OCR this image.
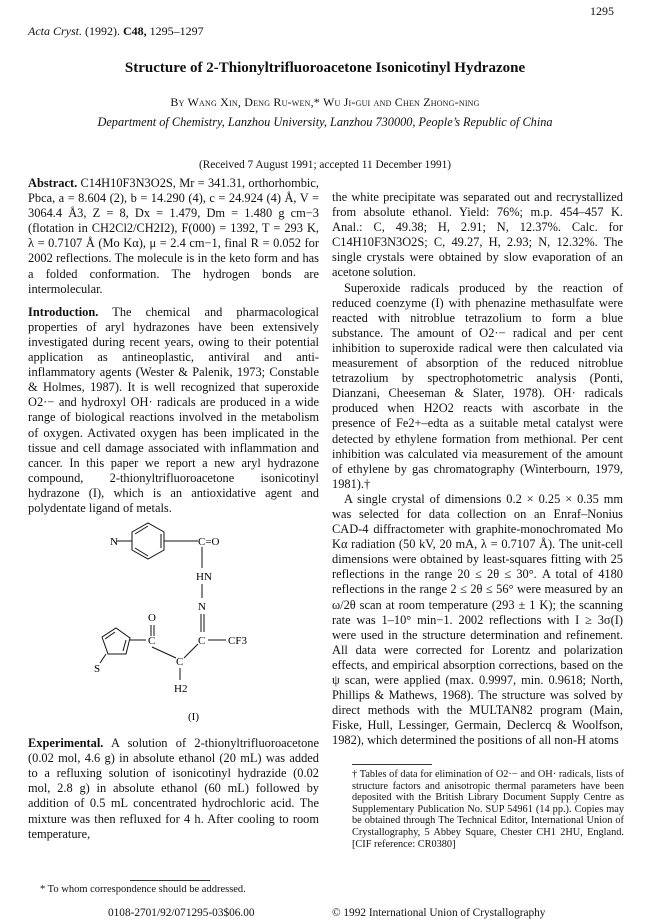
1295
Acta Cryst. (1992). C48, 1295–1297
Structure of 2-Thionyltrifluoroacetone Isonicotinyl Hydrazone
By Wang Xin, Deng Ru-wen,* Wu Ji-gui and Chen Zhong-ning
Department of Chemistry, Lanzhou University, Lanzhou 730000, People’s Republic of China
(Received 7 August 1991; accepted 11 December 1991)

Abstract. C14H10F3N3O2S, Mr = 341.31, orthorhombic, Pbca, a = 8.604 (2), b = 14.290 (4), c = 24.924 (4) Å, V = 3064.4 Å3, Z = 8, Dx = 1.479, Dm = 1.480 g cm−3 (flotation in CH2Cl2/CH2I2), F(000) = 1392, T = 293 K, λ = 0.7107 Å (Mo Kα), μ = 2.4 cm−1, final R = 0.052 for 2002 reflections. The molecule is in the keto form and has a folded conformation. The hydrogen bonds are intermolecular.

Introduction. The chemical and pharmacological properties of aryl hydrazones have been extensively investigated during recent years, owing to their potential application as antineoplastic, antiviral and anti-inflammatory agents (Wester & Palenik, 1973; Constable & Holmes, 1987). It is well recognized that superoxide O2·− and hydroxyl OH· radicals are produced in a wide range of biological reactions involved in the metabolism of oxygen. Activated oxygen has been implicated in the tissue and cell damage associated with inflammation and cancer. In this paper we report a new aryl hydrazone compound, 2-thionyltrifluoroacetone isonicotinyl hydrazone (I), which is an antioxidative agent and polydentate ligand of metals.

N	C=O
HN
N
O
S
C
C
C CF3
H2
(I)

Experimental. A solution of 2-thionyltrifluoroacetone (0.02 mol, 4.6 g) in absolute ethanol (20 mL) was added to a refluxing solution of isonicotinyl hydrazide (0.02 mol, 2.8 g) in absolute ethanol (60 mL) followed by addition of 0.5 mL concentrated hydrochloric acid. The mixture was then refluxed for 4 h. After cooling to room temperature,

the white precipitate was separated out and recrystallized from absolute ethanol. Yield: 76%; m.p. 454–457 K. Anal.: C, 49.38; H, 2.91; N, 12.37%. Calc. for C14H10F3N3O2S; C, 49.27, H, 2.93; N, 12.32%. The single crystals were obtained by slow evaporation of an acetone solution.

Superoxide radicals produced by the reaction of reduced coenzyme (I) with phenazine methasulfate were reacted with nitroblue tetrazolium to form a blue substance. The amount of O2·− radical and per cent inhibition to superoxide radical were then calculated via measurement of absorption of the reduced nitroblue tetrazolium by spectrophotometric analysis (Ponti, Dianzani, Cheeseman & Slater, 1978). OH· radicals produced when H2O2 reacts with ascorbate in the presence of Fe2+–edta as a suitable metal catalyst were detected by ethylene formation from methional. Per cent inhibition was calculated via measurement of the amount of ethylene by gas chromatography (Winterbourn, 1979, 1981).†

A single crystal of dimensions 0.2 × 0.25 × 0.35 mm was selected for data collection on an Enraf–Nonius CAD-4 diffractometer with graphite-monochromated Mo Kα radiation (50 kV, 20 mA, λ = 0.7107 Å). The unit-cell dimensions were obtained by least-squares fitting with 25 reflections in the range 20 ≤ 2θ ≤ 30°. A total of 4180 reflections in the range 2 ≤ 2θ ≤ 56° were measured by an ω/2θ scan at room temperature (293 ± 1 K); the scanning rate was 1–10° min−1. 2002 reflections with I ≥ 3σ(I) were used in the structure determination and refinement. All data were corrected for Lorentz and polarization effects, and empirical absorption corrections, based on the ψ scan, were applied (max. 0.9997, min. 0.9618; North, Phillips & Mathews, 1968). The structure was solved by direct methods with the MULTAN82 program (Main, Fiske, Hull, Lessinger, Germain, Declercq & Woolfson, 1982), which determined the positions of all non-H atoms

† Tables of data for elimination of O2·− and OH· radicals, lists of structure factors and anisotropic thermal parameters have been deposited with the British Library Document Supply Centre as Supplementary Publication No. SUP 54961 (14 pp.). Copies may be obtained through The Technical Editor, International Union of Crystallography, 5 Abbey Square, Chester CH1 2HU, England. [CIF reference: CR0380]
* To whom correspondence should be addressed.
0108-2701/92/071295-03$06.00	© 1992 International Union of Crystallography
